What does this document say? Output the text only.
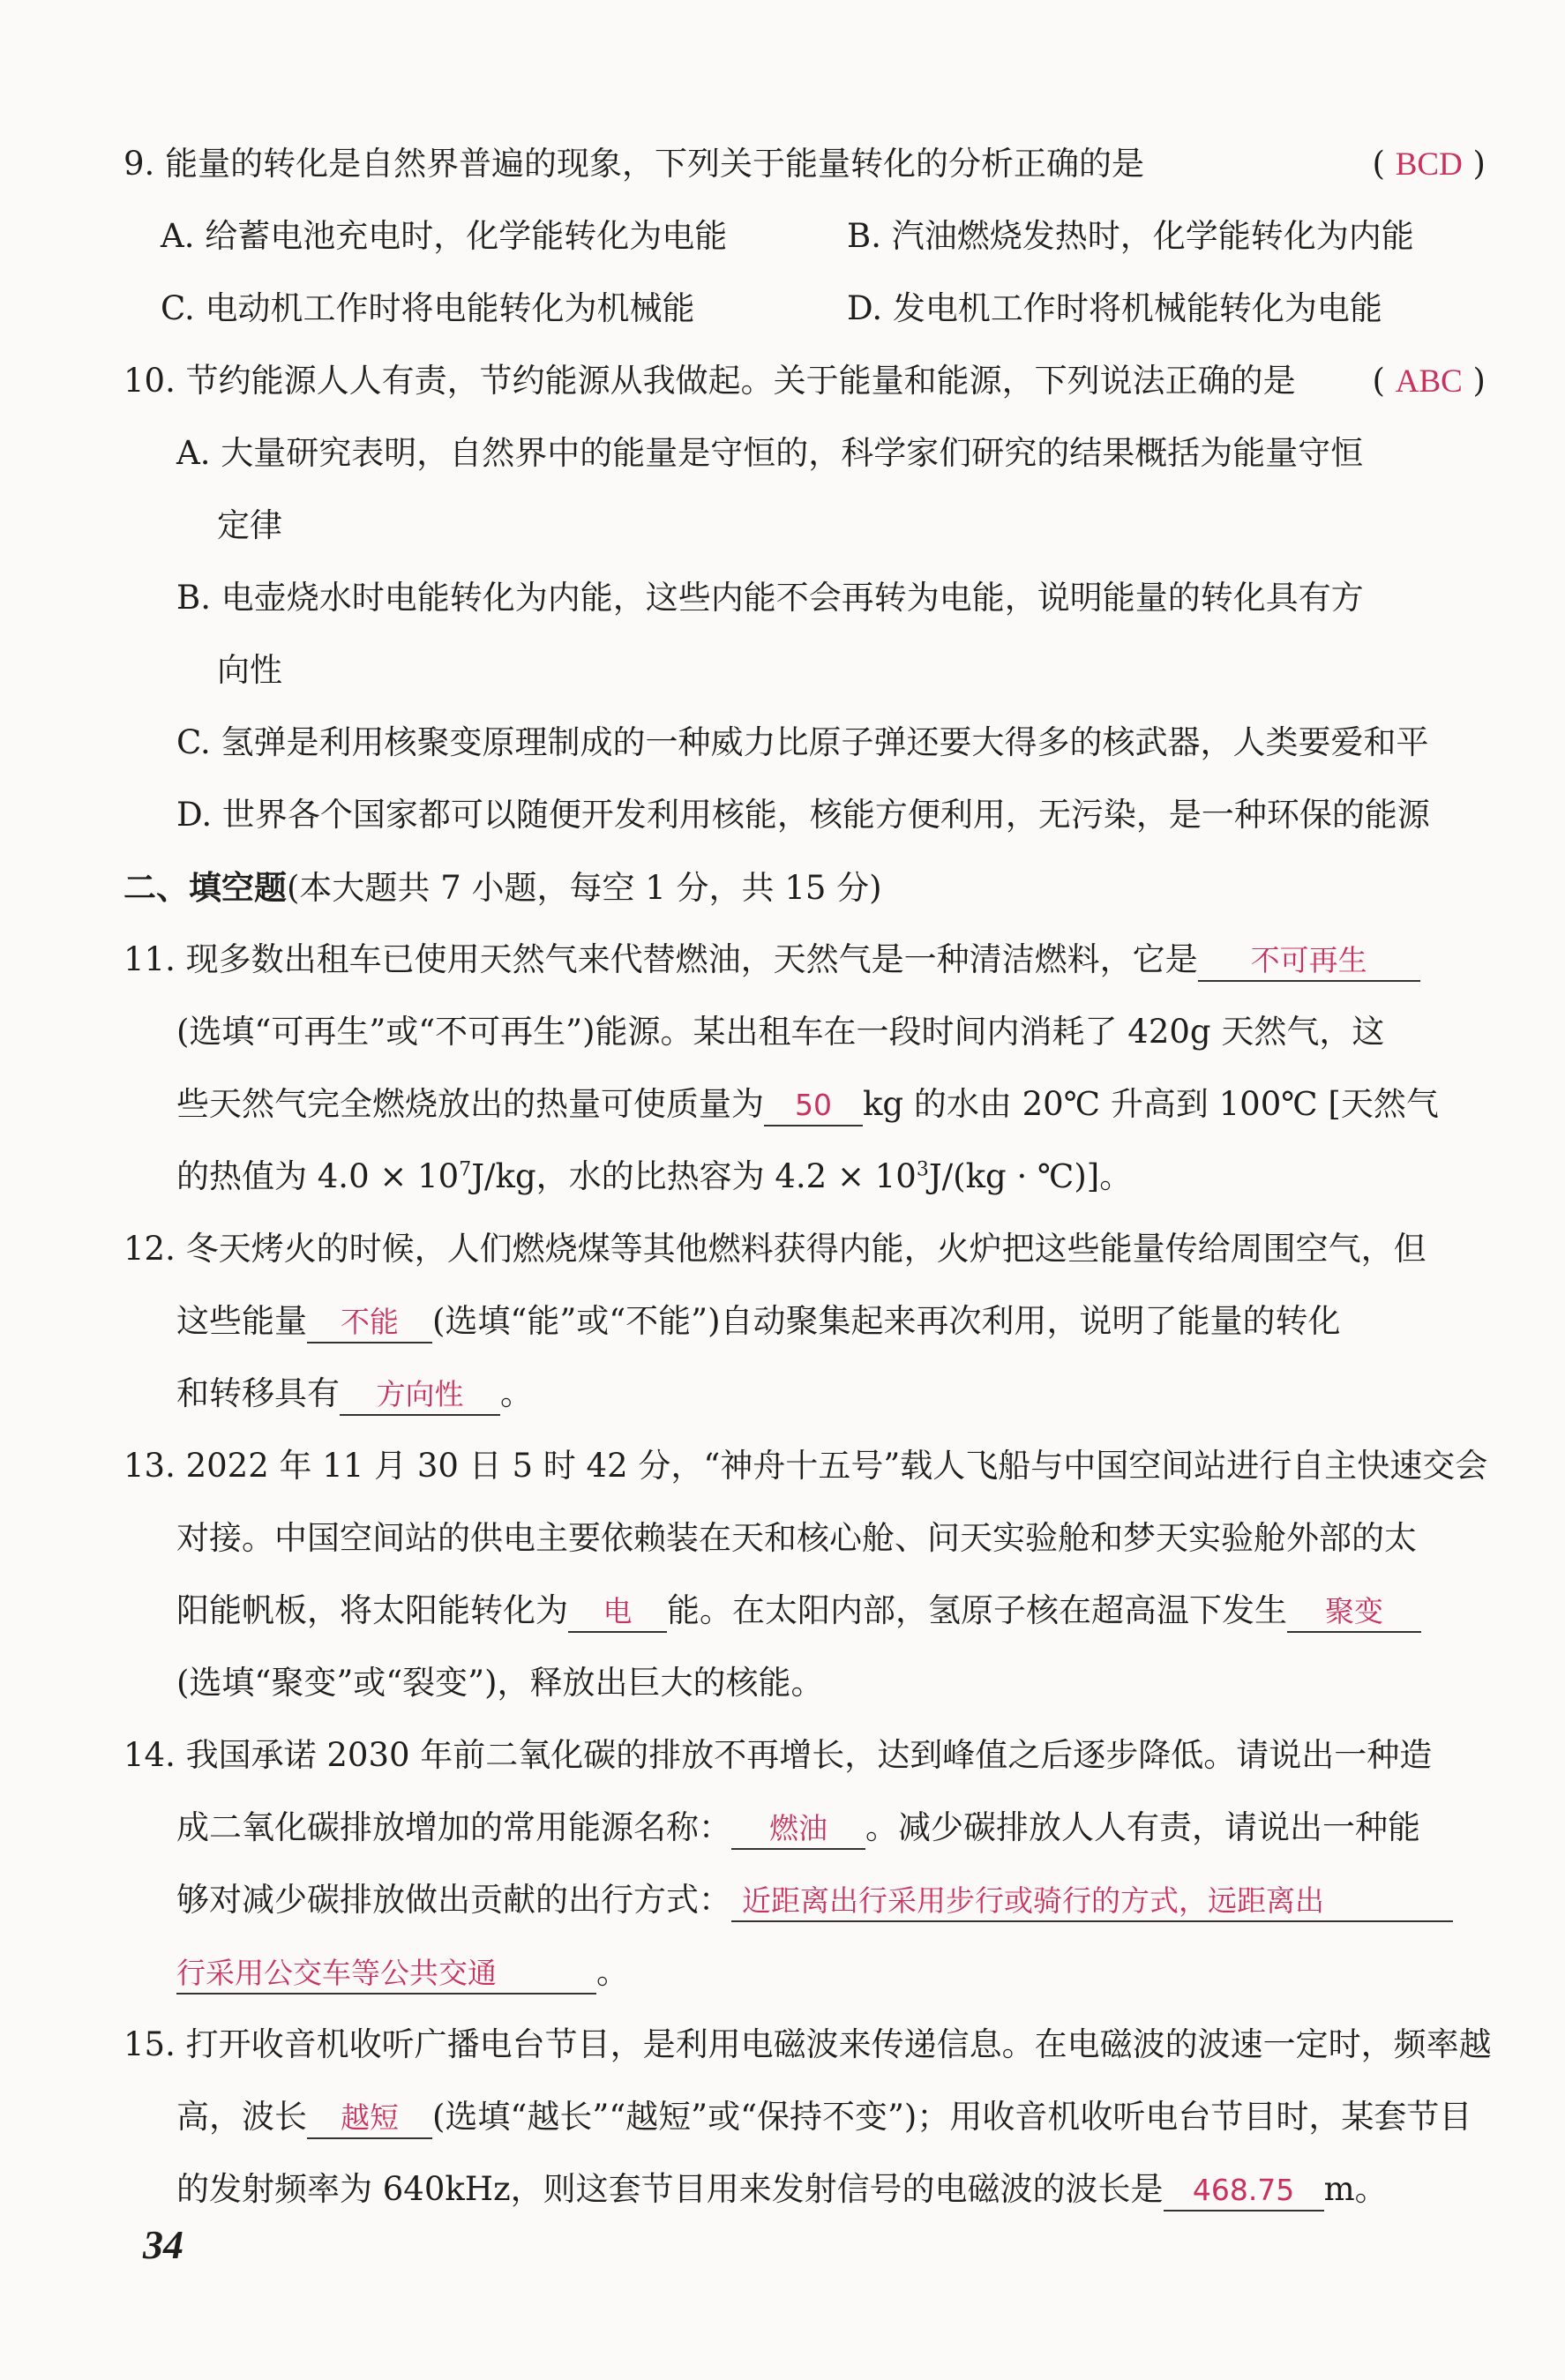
9. 能量的转化是自然界普遍的现象，下列关于能量转化的分析正确的是	( BCD )
A. 给蓄电池充电时，化学能转化为电能	B. 汽油燃烧发热时，化学能转化为内能
C. 电动机工作时将电能转化为机械能	D. 发电机工作时将机械能转化为电能
10. 节约能源人人有责，节约能源从我做起。关于能量和能源，下列说法正确的是 ( ABC )
A. 大量研究表明，自然界中的能量是守恒的，科学家们研究的结果概括为能量守恒
定律
B. 电壶烧水时电能转化为内能，这些内能不会再转为电能，说明能量的转化具有方
向性
C. 氢弹是利用核聚变原理制成的一种威力比原子弹还要大得多的核武器，人类要爱和平
D. 世界各个国家都可以随便开发利用核能，核能方便利用，无污染，是一种环保的能源
二、填空题(本大题共 7 小题，每空 1 分，共 15 分)
11. 现多数出租车已使用天然气来代替燃油，天然气是一种清洁燃料，它是 不可再生
(选填“可再生”或“不可再生”)能源。某出租车在一段时间内消耗了 420g 天然气，这
些天然气完全燃烧放出的热量可使质量为 50 kg 的水由 20℃ 升高到 100℃ [天然气
的热值为 $4.0 \times 10^7J/kg$，水的比热容为 $4.2 \times 10^3J/(kg$ · ℃)]。
12. 冬天烤火的时候，人们燃烧煤等其他燃料获得内能，火炉把这些能量传给周围空气，但
这些能量 不能 (选填“能”或“不能”)自动聚集起来再次利用，说明了能量的转化
和转移具有 方向性 。
13. 2022 年 11 月 30 日 5 时 42 分，“神舟十五号”载人飞船与中国空间站进行自主快速交会
对接。中国空间站的供电主要依赖装在天和核心舱、问天实验舱和梦天实验舱外部的太
阳能帆板，将太阳能转化为 电 能。在太阳内部，氢原子核在超高温下发生 聚变
(选填“聚变”或“裂变”)，释放出巨大的核能。
14. 我国承诺 2030 年前二氧化碳的排放不再增长，达到峰值之后逐步降低。请说出一种造
成二氧化碳排放增加的常用能源名称： 燃油 。减少碳排放人人有责，请说出一种能
够对减少碳排放做出贡献的出行方式： 近距离出行采用步行或骑行的方式，远距离出
行采用公交车等公共交通	。
15. 打开收音机收听广播电台节目，是利用电磁波来传递信息。在电磁波的波速一定时，频率越
高，波长 越短 (选填“越长”“越短”或“保持不变”)；用收音机收听电台节目时，某套节目
的发射频率为 640kHz，则这套节目用来发射信号的电磁波的波长是 468.75 m。
34
